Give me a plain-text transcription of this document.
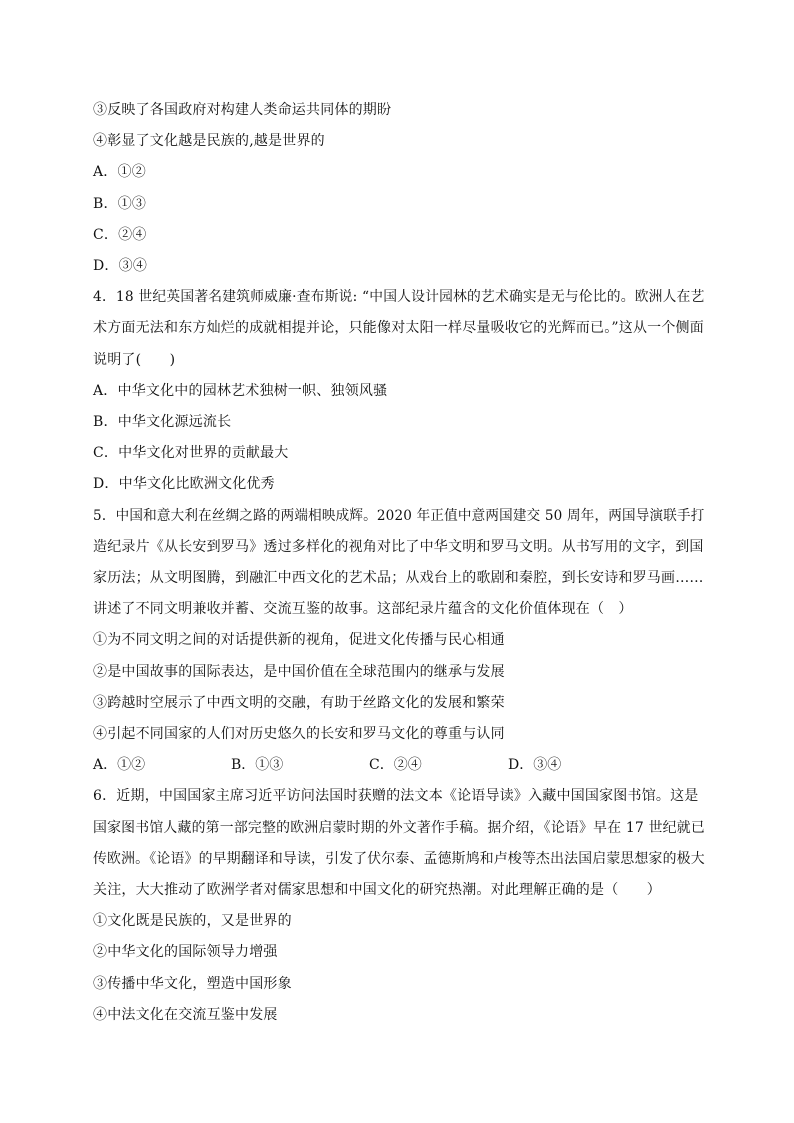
③反映了各国政府对构建人类命运共同体的期盼
④彰显了文化越是民族的,越是世界的
A．①②
B．①③
C．②④
D．③④
4．18 世纪英国著名建筑师威廉·查布斯说: “中国人设计园林的艺术确实是无与伦比的。欧洲人在艺
术方面无法和东方灿烂的成就相提并论，只能像对太阳一样尽量吸收它的光辉而已。”这从一个侧面
说明了(　　)
A．中华文化中的园林艺术独树一帜、独领风骚
B．中华文化源远流长
C．中华文化对世界的贡献最大
D．中华文化比欧洲文化优秀
5．中国和意大利在丝绸之路的两端相映成辉。2020 年正值中意两国建交 50 周年，两国导演联手打
造纪录片《从长安到罗马》透过多样化的视角对比了中华文明和罗马文明。从书写用的文字，到国
家历法；从文明图腾，到融汇中西文化的艺术品；从戏台上的歌剧和秦腔，到长安诗和罗马画……
讲述了不同文明兼收并蓄、交流互鉴的故事。这部纪录片蕴含的文化价值体现在（　）
①为不同文明之间的对话提供新的视角，促进文化传播与民心相通
②是中国故事的国际表达，是中国价值在全球范围内的继承与发展
③跨越时空展示了中西文明的交融，有助于丝路文化的发展和繁荣
④引起不同国家的人们对历史悠久的长安和罗马文化的尊重与认同
A．①②	B．①③	C．②④	D．③④
6．近期，中国国家主席习近平访问法国时获赠的法文本《论语导读》入藏中国国家图书馆。这是
国家图书馆人藏的第一部完整的欧洲启蒙时期的外文著作手稿。据介绍，《论语》早在 17 世纪就已
传欧洲。《论语》的早期翻译和导读，引发了伏尔泰、孟德斯鸠和卢梭等杰出法国启蒙思想家的极大
关注，大大推动了欧洲学者对儒家思想和中国文化的研究热潮。对此理解正确的是（　　）
①文化既是民族的，又是世界的
②中华文化的国际领导力增强
③传播中华文化，塑造中国形象
④中法文化在交流互鉴中发展
